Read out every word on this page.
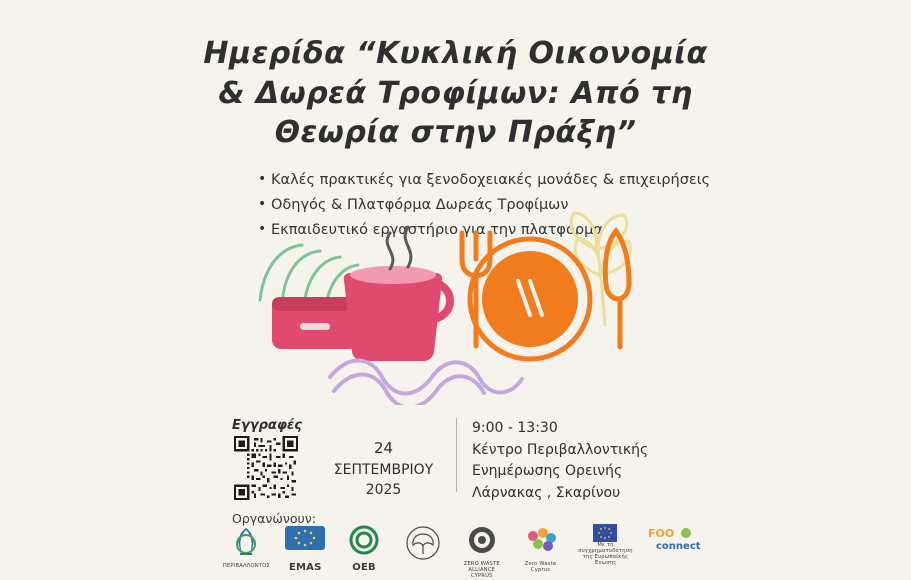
Ημερίδα “Κυκλική Οικονομία
& Δωρεά Τροφίμων: Από τη
Θεωρία στην Πράξη”
• Καλές πρακτικές για ξενοδοχειακές μονάδες & επιχειρήσεις
• Οδηγός & Πλατφόρμα Δωρεάς Τροφίμων
• Εκπαιδευτικό εργαστήριο για την πλατφόρμα
Εγγραφές
24
ΣΕΠΤΕΜΒΡΙΟΥ 2025
9:00 - 13:30
Κέντρο Περιβαλλοντικής
Ενημέρωσης Ορεινής
Λάρνακας , Σκαρίνου
Οργανώνουν:
ΠΕΡΙΒΑΛΛΟΝΤΟΣ	EMAS	ΟΕΒ	ZERO WASTE ALLIANCE CYPRUS
Zero Waste Cyprus
Με τη συγχρηματοδότηση της Ευρωπαϊκής Ένωσης
FOO
connect
